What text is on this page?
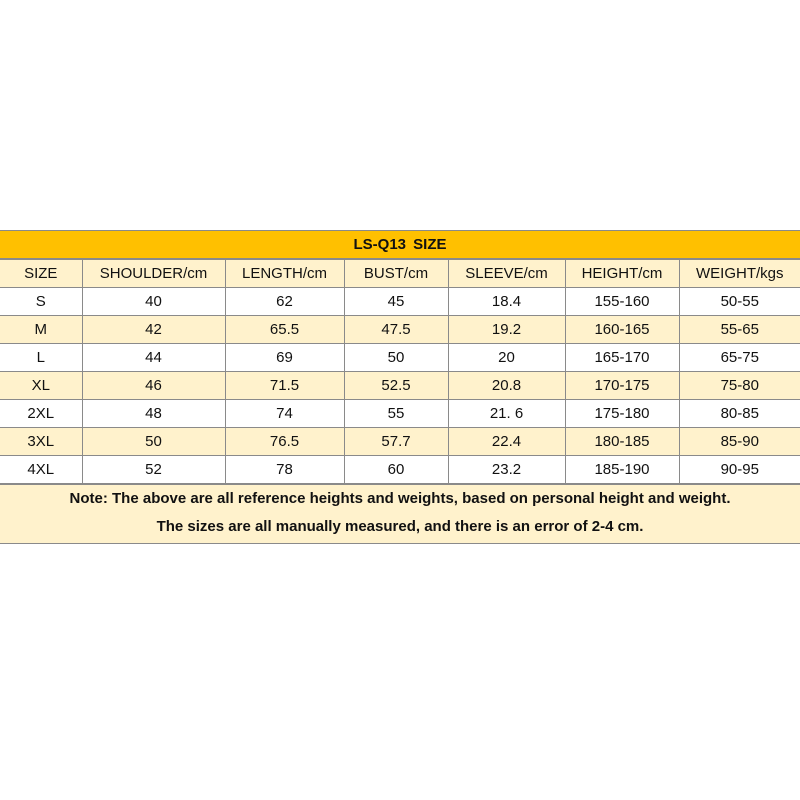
LS-Q13 SIZE
SIZE	SHOULDER/cm	LENGTH/cm	BUST/cm	SLEEVE/cm	HEIGHT/cm	WEIGHT/kgs
S	40	62	45	18.4	155-160	50-55
M	42	65.5	47.5	19.2	160-165	55-65
L	44	69	50	20	165-170	65-75
XL	46	71.5	52.5	20.8	170-175	75-80
2XL	48	74	55	21. 6	175-180	80-85
3XL	50	76.5	57.7	22.4	180-185	85-90
4XL	52	78	60	23.2	185-190	90-95
Note: The above are all reference heights and weights, based on personal height and weight.
The sizes are all manually measured, and there is an error of 2-4 cm.
